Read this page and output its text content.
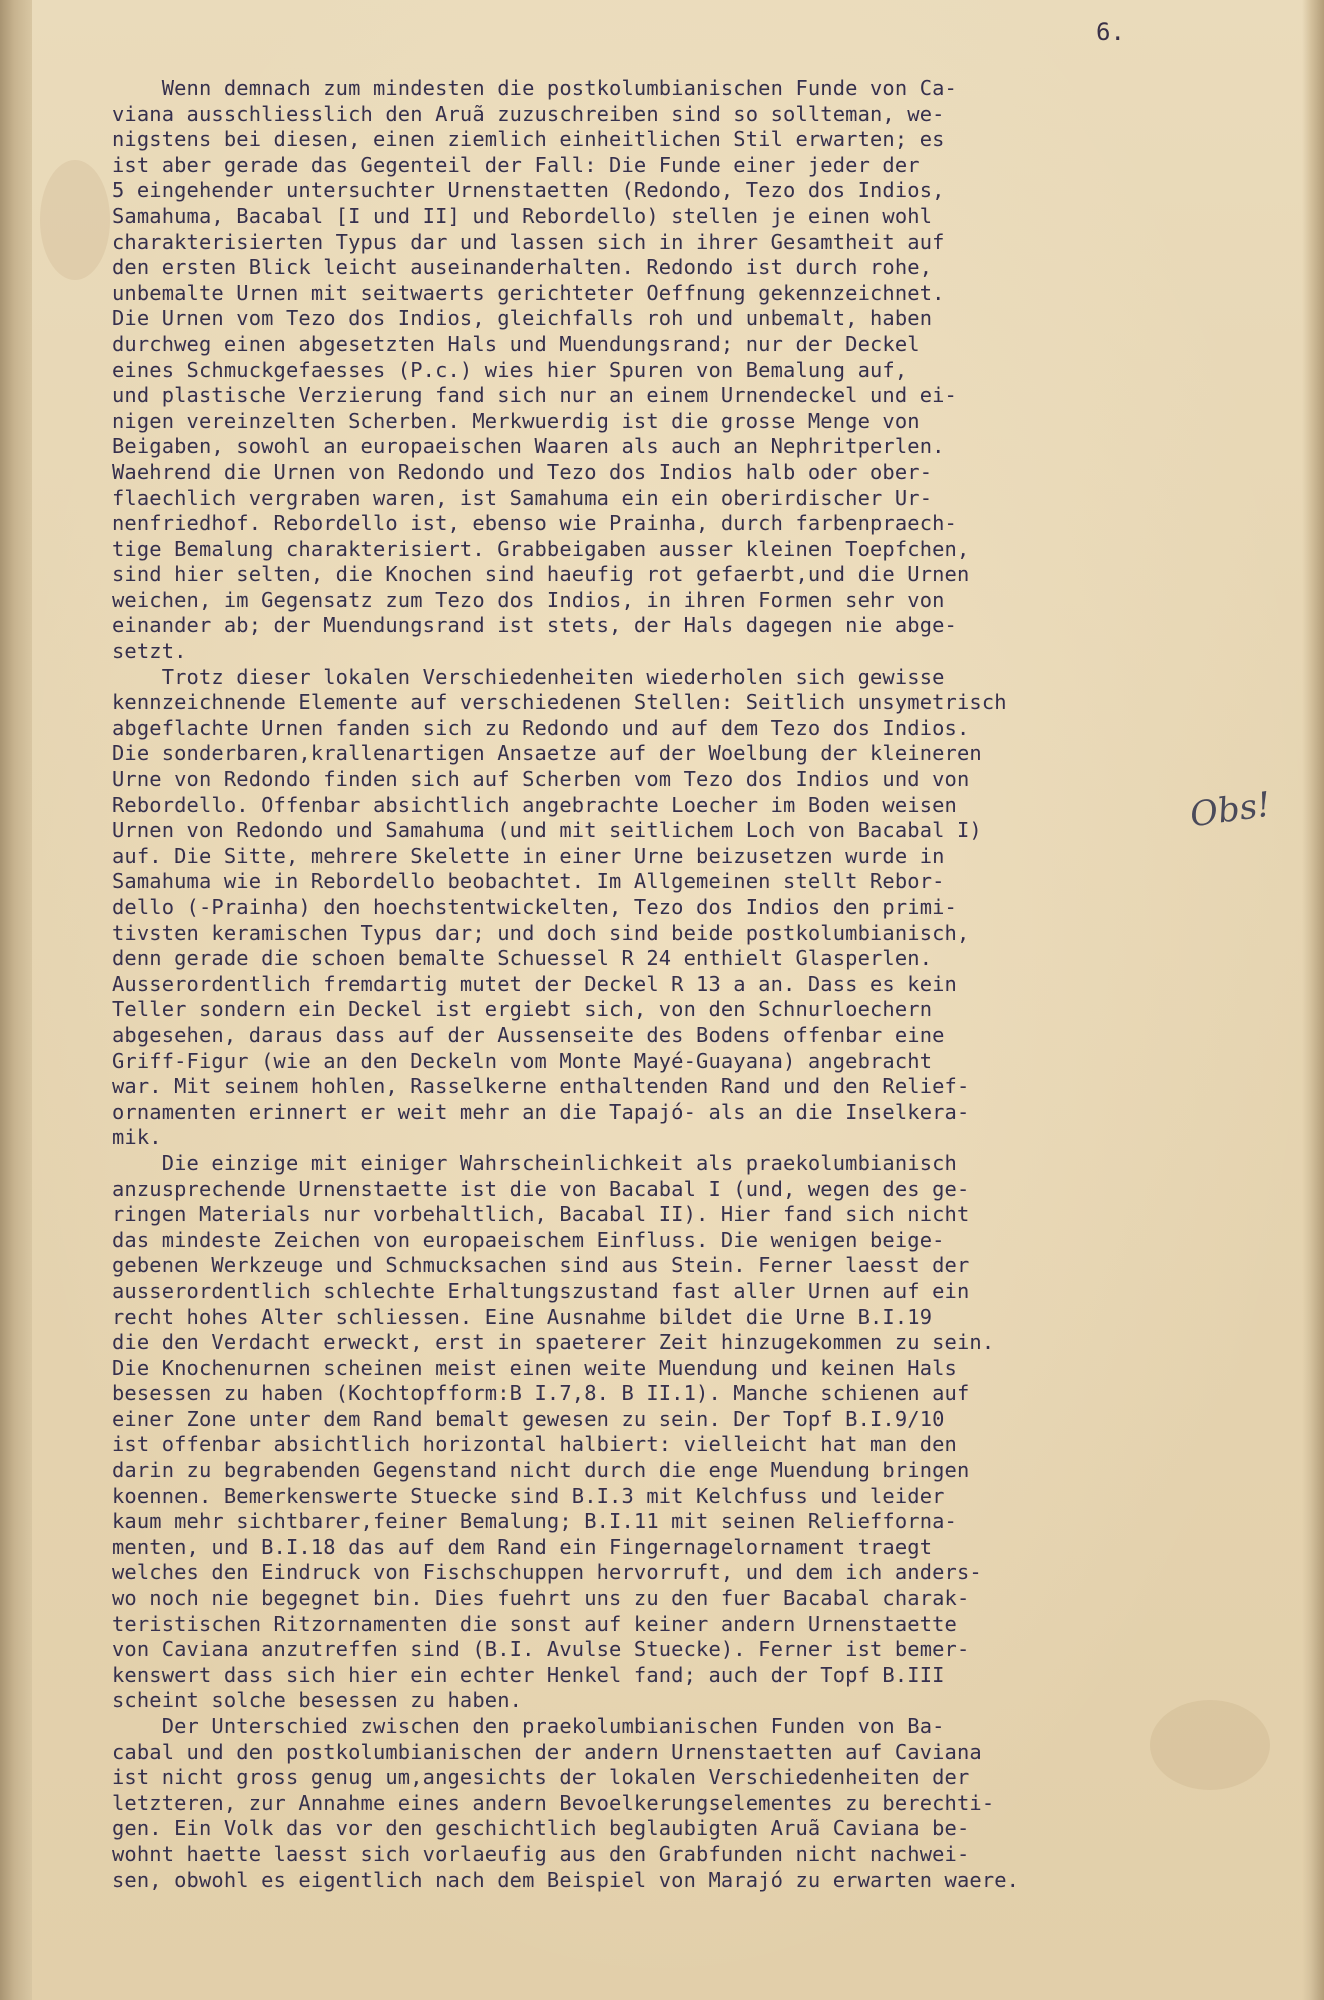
6.
Wenn demnach zum mindesten die postkolumbianischen Funde von Ca-
viana ausschliesslich den Aruã zuzuschreiben sind so sollteman, we-
nigstens bei diesen, einen ziemlich einheitlichen Stil erwarten; es
ist aber gerade das Gegenteil der Fall: Die Funde einer jeder der
5 eingehender untersuchter Urnenstaetten (Redondo, Tezo dos Indios,
Samahuma, Bacabal [I und II] und Rebordello) stellen je einen wohl
charakterisierten Typus dar und lassen sich in ihrer Gesamtheit auf
den ersten Blick leicht auseinanderhalten. Redondo ist durch rohe,
unbemalte Urnen mit seitwaerts gerichteter Oeffnung gekennzeichnet.
Die Urnen vom Tezo dos Indios, gleichfalls roh und unbemalt, haben
durchweg einen abgesetzten Hals und Muendungsrand; nur der Deckel
eines Schmuckgefaesses (P.c.) wies hier Spuren von Bemalung auf,
und plastische Verzierung fand sich nur an einem Urnendeckel und ei-
nigen vereinzelten Scherben. Merkwuerdig ist die grosse Menge von
Beigaben, sowohl an europaeischen Waaren als auch an Nephritperlen.
Waehrend die Urnen von Redondo und Tezo dos Indios halb oder ober-
flaechlich vergraben waren, ist Samahuma ein ein oberirdischer Ur-
nenfriedhof. Rebordello ist, ebenso wie Prainha, durch farbenpraech-
tige Bemalung charakterisiert. Grabbeigaben ausser kleinen Toepfchen,
sind hier selten, die Knochen sind haeufig rot gefaerbt,und die Urnen
weichen, im Gegensatz zum Tezo dos Indios, in ihren Formen sehr von
einander ab; der Muendungsrand ist stets, der Hals dagegen nie abge-
setzt.
Trotz dieser lokalen Verschiedenheiten wiederholen sich gewisse
kennzeichnende Elemente auf verschiedenen Stellen: Seitlich unsymetrisch
abgeflachte Urnen fanden sich zu Redondo und auf dem Tezo dos Indios.
Die sonderbaren,krallenartigen Ansaetze auf der Woelbung der kleineren
Urne von Redondo finden sich auf Scherben vom Tezo dos Indios und von
Rebordello. Offenbar absichtlich angebrachte Loecher im Boden weisen
Urnen von Redondo und Samahuma (und mit seitlichem Loch von Bacabal I)
auf. Die Sitte, mehrere Skelette in einer Urne beizusetzen wurde in
Samahuma wie in Rebordello beobachtet. Im Allgemeinen stellt Rebor-
dello (-Prainha) den hoechstentwickelten, Tezo dos Indios den primi-
tivsten keramischen Typus dar; und doch sind beide postkolumbianisch,
denn gerade die schoen bemalte Schuessel R 24 enthielt Glasperlen.
Ausserordentlich fremdartig mutet der Deckel R 13 a an. Dass es kein
Teller sondern ein Deckel ist ergiebt sich, von den Schnurloechern
abgesehen, daraus dass auf der Aussenseite des Bodens offenbar eine
Griff-Figur (wie an den Deckeln vom Monte Mayé-Guayana) angebracht
war. Mit seinem hohlen, Rasselkerne enthaltenden Rand und den Relief-
ornamenten erinnert er weit mehr an die Tapajó- als an die Inselkera-
mik.
Die einzige mit einiger Wahrscheinlichkeit als praekolumbianisch
anzusprechende Urnenstaette ist die von Bacabal I (und, wegen des ge-
ringen Materials nur vorbehaltlich, Bacabal II). Hier fand sich nicht
das mindeste Zeichen von europaeischem Einfluss. Die wenigen beige-
gebenen Werkzeuge und Schmucksachen sind aus Stein. Ferner laesst der
ausserordentlich schlechte Erhaltungszustand fast aller Urnen auf ein
recht hohes Alter schliessen. Eine Ausnahme bildet die Urne B.I.19
die den Verdacht erweckt, erst in spaeterer Zeit hinzugekommen zu sein.
Die Knochenurnen scheinen meist einen weite Muendung und keinen Hals
besessen zu haben (Kochtopfform:B I.7,8. B II.1). Manche schienen auf
einer Zone unter dem Rand bemalt gewesen zu sein. Der Topf B.I.9/10
ist offenbar absichtlich horizontal halbiert: vielleicht hat man den
darin zu begrabenden Gegenstand nicht durch die enge Muendung bringen
koennen. Bemerkenswerte Stuecke sind B.I.3 mit Kelchfuss und leider
kaum mehr sichtbarer,feiner Bemalung; B.I.11 mit seinen Reliefforna-
menten, und B.I.18 das auf dem Rand ein Fingernagelornament traegt
welches den Eindruck von Fischschuppen hervorruft, und dem ich anders-
wo noch nie begegnet bin. Dies fuehrt uns zu den fuer Bacabal charak-
teristischen Ritzornamenten die sonst auf keiner andern Urnenstaette
von Caviana anzutreffen sind (B.I. Avulse Stuecke). Ferner ist bemer-
kenswert dass sich hier ein echter Henkel fand; auch der Topf B.III
scheint solche besessen zu haben.
Der Unterschied zwischen den praekolumbianischen Funden von Ba-
cabal und den postkolumbianischen der andern Urnenstaetten auf Caviana
ist nicht gross genug um,angesichts der lokalen Verschiedenheiten der
letzteren, zur Annahme eines andern Bevoelkerungselementes zu berechti-
gen. Ein Volk das vor den geschichtlich beglaubigten Aruã Caviana be-
wohnt haette laesst sich vorlaeufig aus den Grabfunden nicht nachwei-
sen, obwohl es eigentlich nach dem Beispiel von Marajó zu erwarten waere.
Obs!
